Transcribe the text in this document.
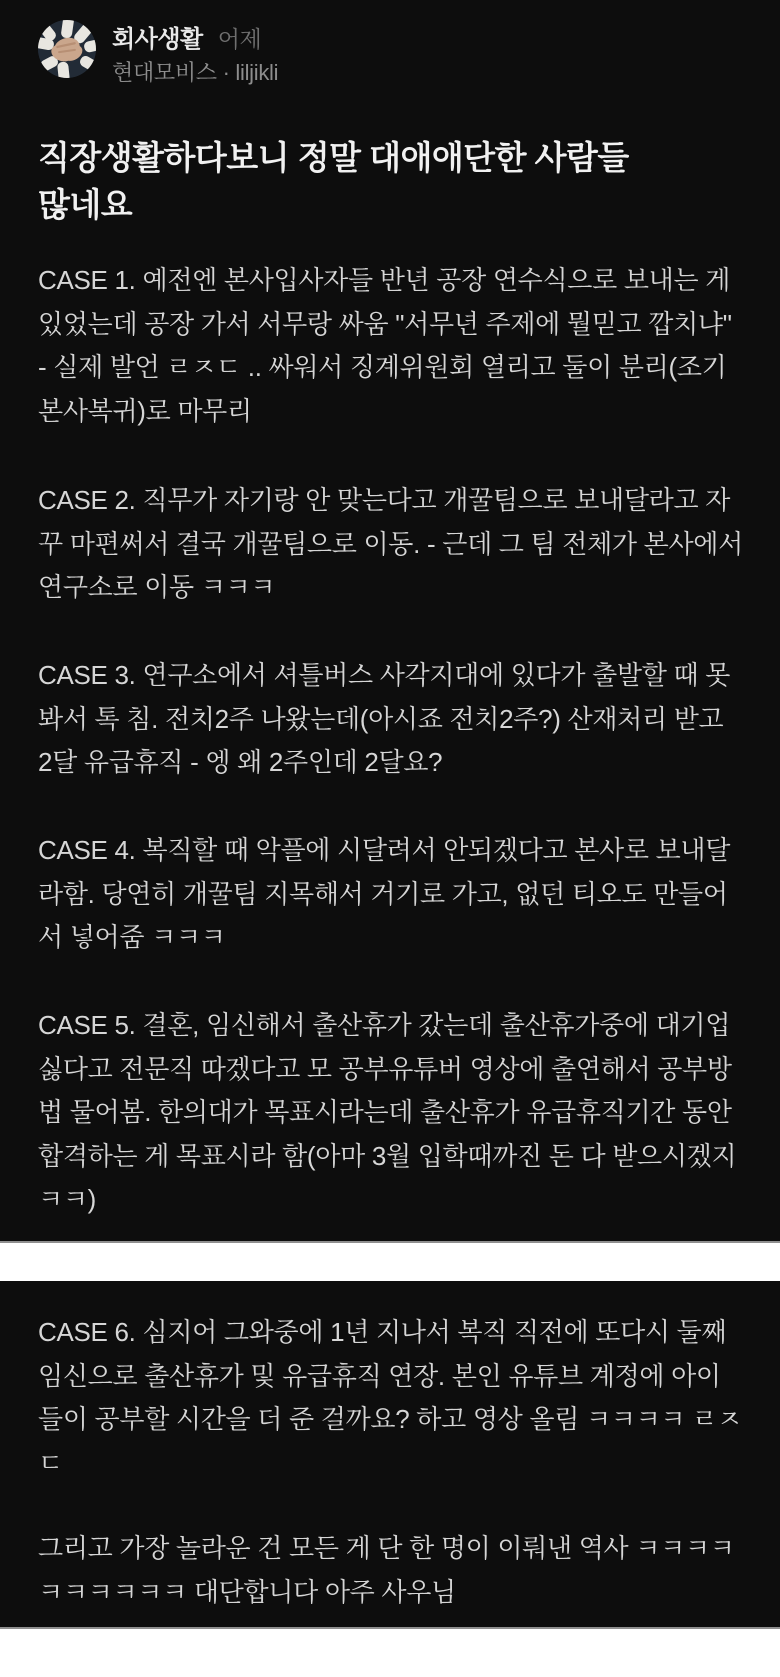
회사생활 어제
현대모비스 · liljikli
직장생활하다보니 정말 대애애단한 사람들 많네요

CASE 1. 예전엔 본사입사자들 반년 공장 연수식으로 보내는 게 있었는데 공장 가서 서무랑 싸움 "서무년 주제에 뭘믿고 깝치냐" - 실제 발언 ㄹㅈㄷ .. 싸워서 징계위원회 열리고 둘이 분리(조기 본사복귀)로 마무리

CASE 2. 직무가 자기랑 안 맞는다고 개꿀팀으로 보내달라고 자꾸 마편써서 결국 개꿀팀으로 이동. - 근데 그 팀 전체가 본사에서 연구소로 이동 ㅋㅋㅋ

CASE 3. 연구소에서 셔틀버스 사각지대에 있다가 출발할 때 못 봐서 톡 침. 전치2주 나왔는데(아시죠 전치2주?) 산재처리 받고 2달 유급휴직 - 엥 왜 2주인데 2달요?

CASE 4. 복직할 때 악플에 시달려서 안되겠다고 본사로 보내달라함. 당연히 개꿀팀 지목해서 거기로 가고, 없던 티오도 만들어서 넣어줌 ㅋㅋㅋ

CASE 5. 결혼, 임신해서 출산휴가 갔는데 출산휴가중에 대기업 싫다고 전문직 따겠다고 모 공부유튜버 영상에 출연해서 공부방법 물어봄. 한의대가 목표시라는데 출산휴가 유급휴직기간 동안 합격하는 게 목표시라 함(아마 3월 입학때까진 돈 다 받으시겠지 ㅋㅋ)

CASE 6. 심지어 그와중에 1년 지나서 복직 직전에 또다시 둘째 임신으로 출산휴가 및 유급휴직 연장. 본인 유튜브 계정에 아이들이 공부할 시간을 더 준 걸까요? 하고 영상 올림 ㅋㅋㅋㅋ ㄹㅈㄷ

그리고 가장 놀라운 건 모든 게 단 한 명이 이뤄낸 역사 ㅋㅋㅋㅋㅋㅋㅋㅋㅋㅋ 대단합니다 아주 사우님
